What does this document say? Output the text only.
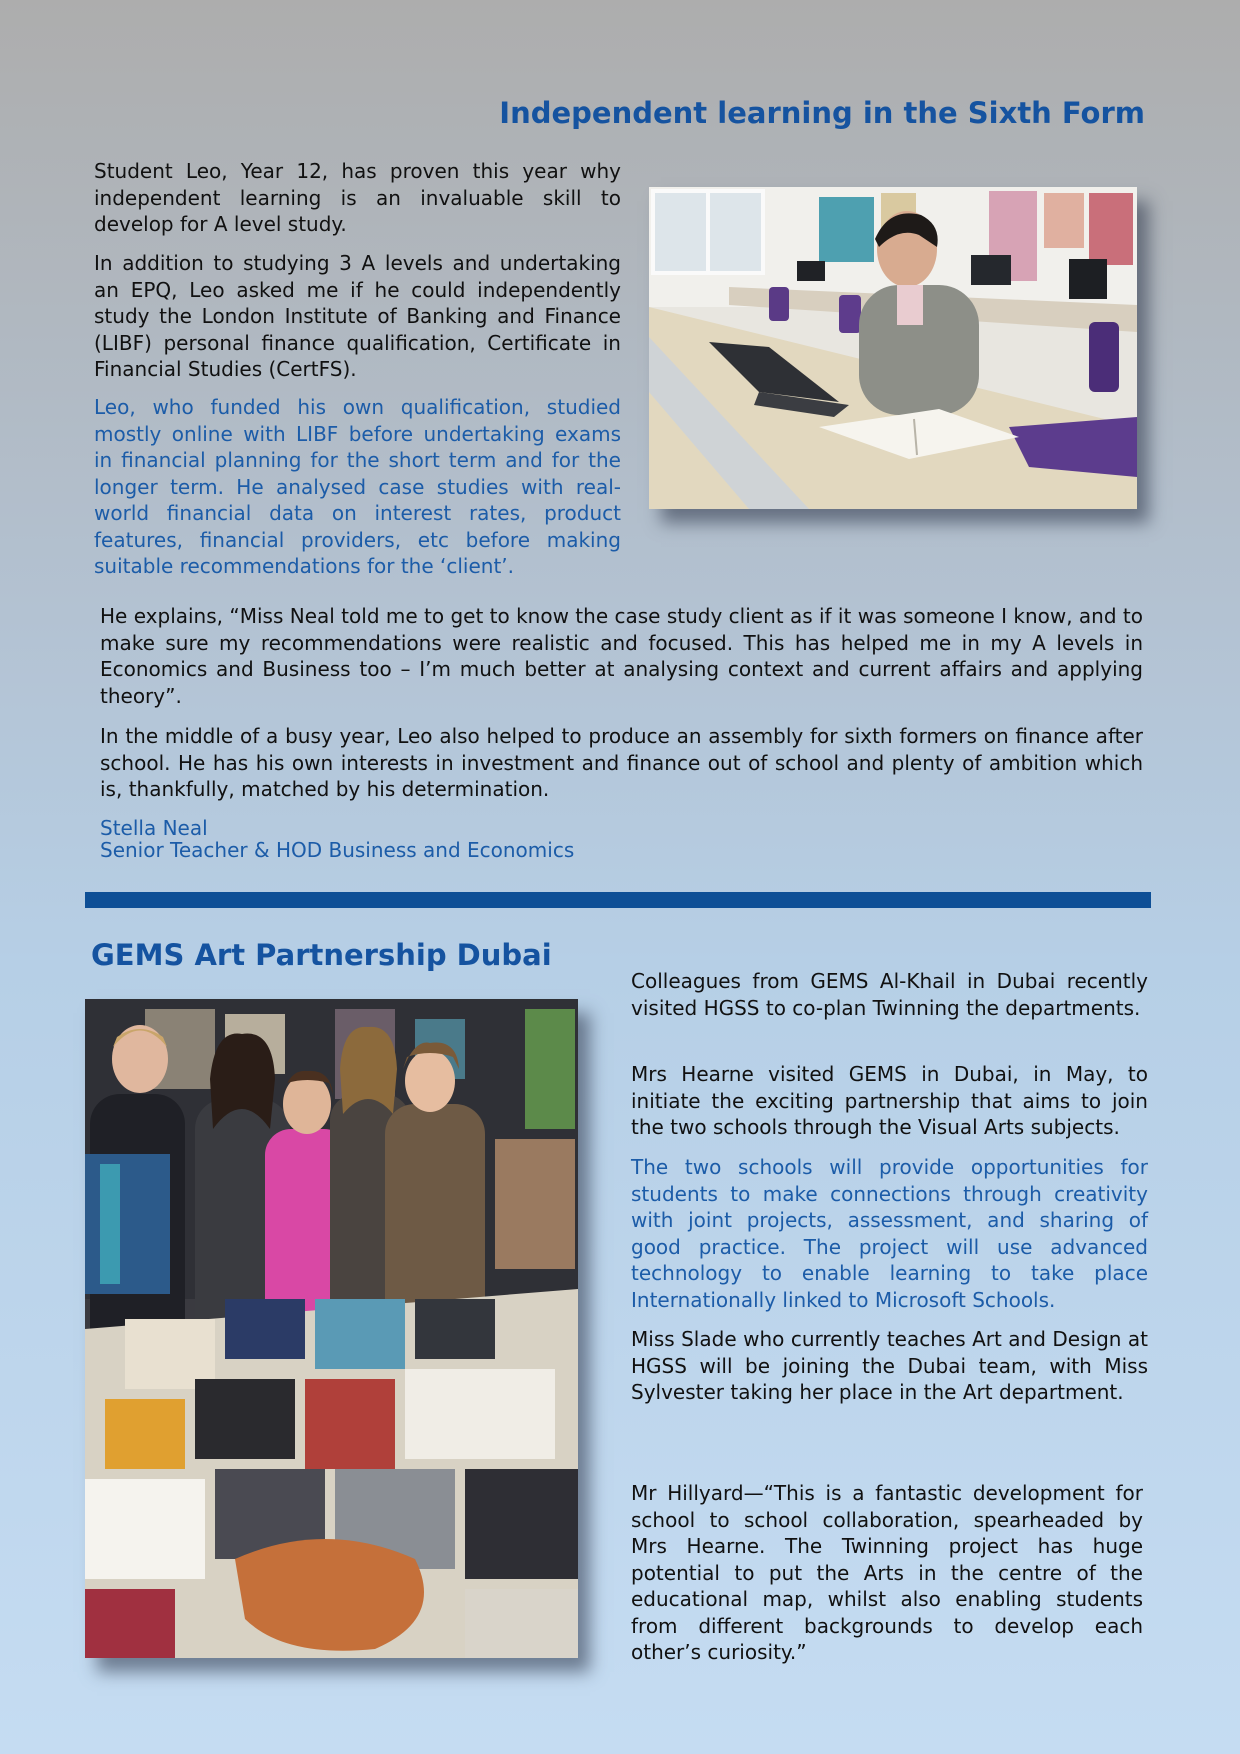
Independent learning in the Sixth Form

Student Leo, Year 12, has proven this year why independent learning is an invaluable skill to develop for A level study.

In addition to studying 3 A levels and undertaking an EPQ, Leo asked me if he could independently study the London Institute of Banking and Finance (LIBF) personal finance qualification, Certificate in Financial Studies (CertFS).

Leo, who funded his own qualification, studied mostly online with LIBF before undertaking exams in financial planning for the short term and for the longer term. He analysed case studies with real-world financial data on interest rates, product features, financial providers, etc before making suitable recommendations for the ‘client’.

He explains, “Miss Neal told me to get to know the case study client as if it was someone I know, and to make sure my recommendations were realistic and focused. This has helped me in my A levels in Economics and Business too – I’m much better at analysing context and current affairs and applying theory”.

In the middle of a busy year, Leo also helped to produce an assembly for sixth formers on finance after school. He has his own interests in investment and finance out of school and plenty of ambition which is, thankfully, matched by his determination.

Stella Neal
Senior Teacher & HOD Business and Economics
GEMS Art Partnership Dubai

Colleagues from GEMS Al-Khail in Dubai recently visited HGSS to co-plan Twinning the departments.

Mrs Hearne visited GEMS in Dubai, in May, to initiate the exciting partnership that aims to join the two schools through the Visual Arts subjects.

The two schools will provide opportunities for students to make connections through creativity with joint projects, assessment, and sharing of good practice. The project will use advanced technology to enable learning to take place Internationally linked to Microsoft Schools.

Miss Slade who currently teaches Art and Design at HGSS will be joining the Dubai team, with Miss Sylvester taking her place in the Art department.

Mr Hillyard—“This is a fantastic development for school to school collaboration, spearheaded by Mrs Hearne. The Twinning project has huge potential to put the Arts in the centre of the educational map, whilst also enabling students from different backgrounds to develop each other’s curiosity.”
